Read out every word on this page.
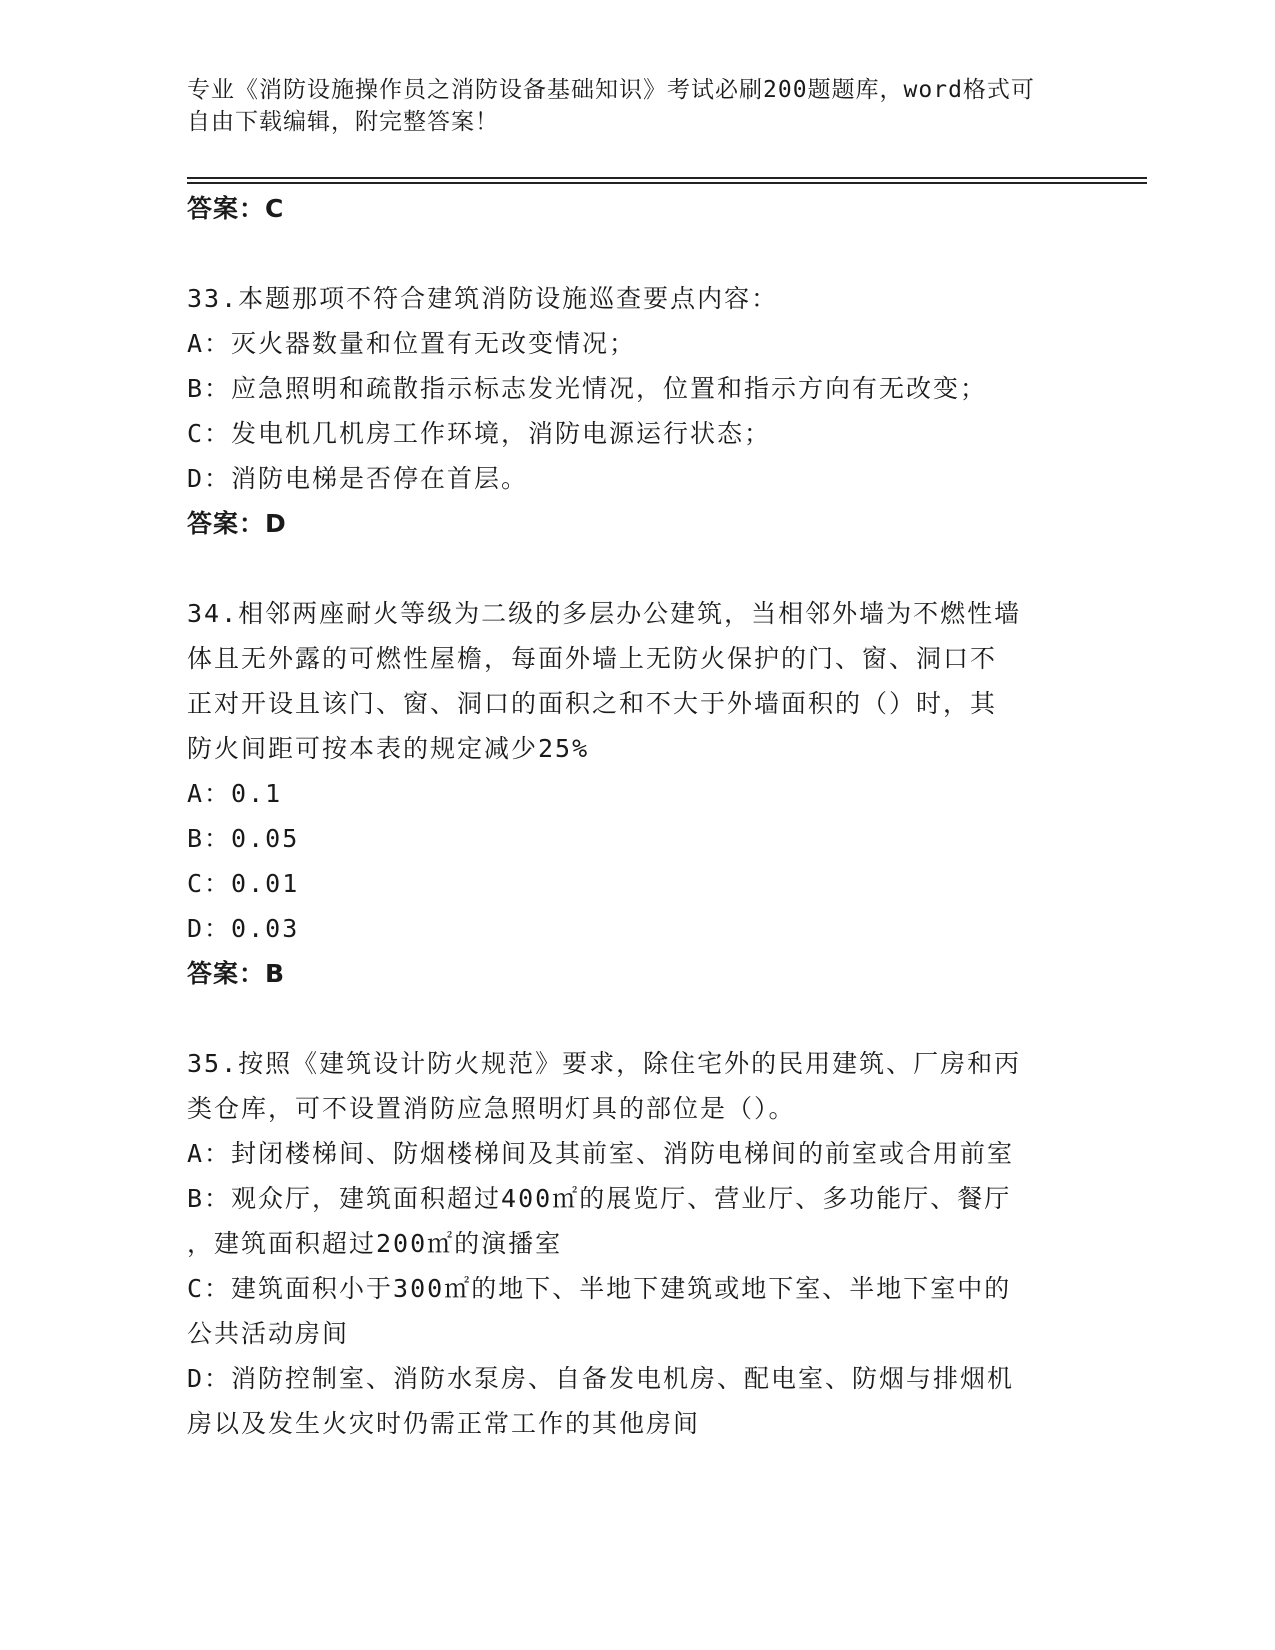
专业《消防设施操作员之消防设备基础知识》考试必刷200题题库，word格式可
自由下载编辑，附完整答案！
答案：C
33.本题那项不符合建筑消防设施巡查要点内容：
A：灭火器数量和位置有无改变情况；
B：应急照明和疏散指示标志发光情况，位置和指示方向有无改变；
C：发电机几机房工作环境，消防电源运行状态；
D：消防电梯是否停在首层。
答案：D
34.相邻两座耐火等级为二级的多层办公建筑，当相邻外墙为不燃性墙
体且无外露的可燃性屋檐，每面外墙上无防火保护的门、窗、洞口不
正对开设且该门、窗、洞口的面积之和不大于外墙面积的（）时，其
防火间距可按本表的规定减少25%
A：0.1
B：0.05
C：0.01
D：0.03
答案：B
35.按照《建筑设计防火规范》要求，除住宅外的民用建筑、厂房和丙
类仓库，可不设置消防应急照明灯具的部位是（）。
A：封闭楼梯间、防烟楼梯间及其前室、消防电梯间的前室或合用前室
B：观众厅，建筑面积超过400㎡的展览厅、营业厅、多功能厅、餐厅
，建筑面积超过200㎡的演播室
C：建筑面积小于300㎡的地下、半地下建筑或地下室、半地下室中的
公共活动房间
D：消防控制室、消防水泵房、自备发电机房、配电室、防烟与排烟机
房以及发生火灾时仍需正常工作的其他房间
